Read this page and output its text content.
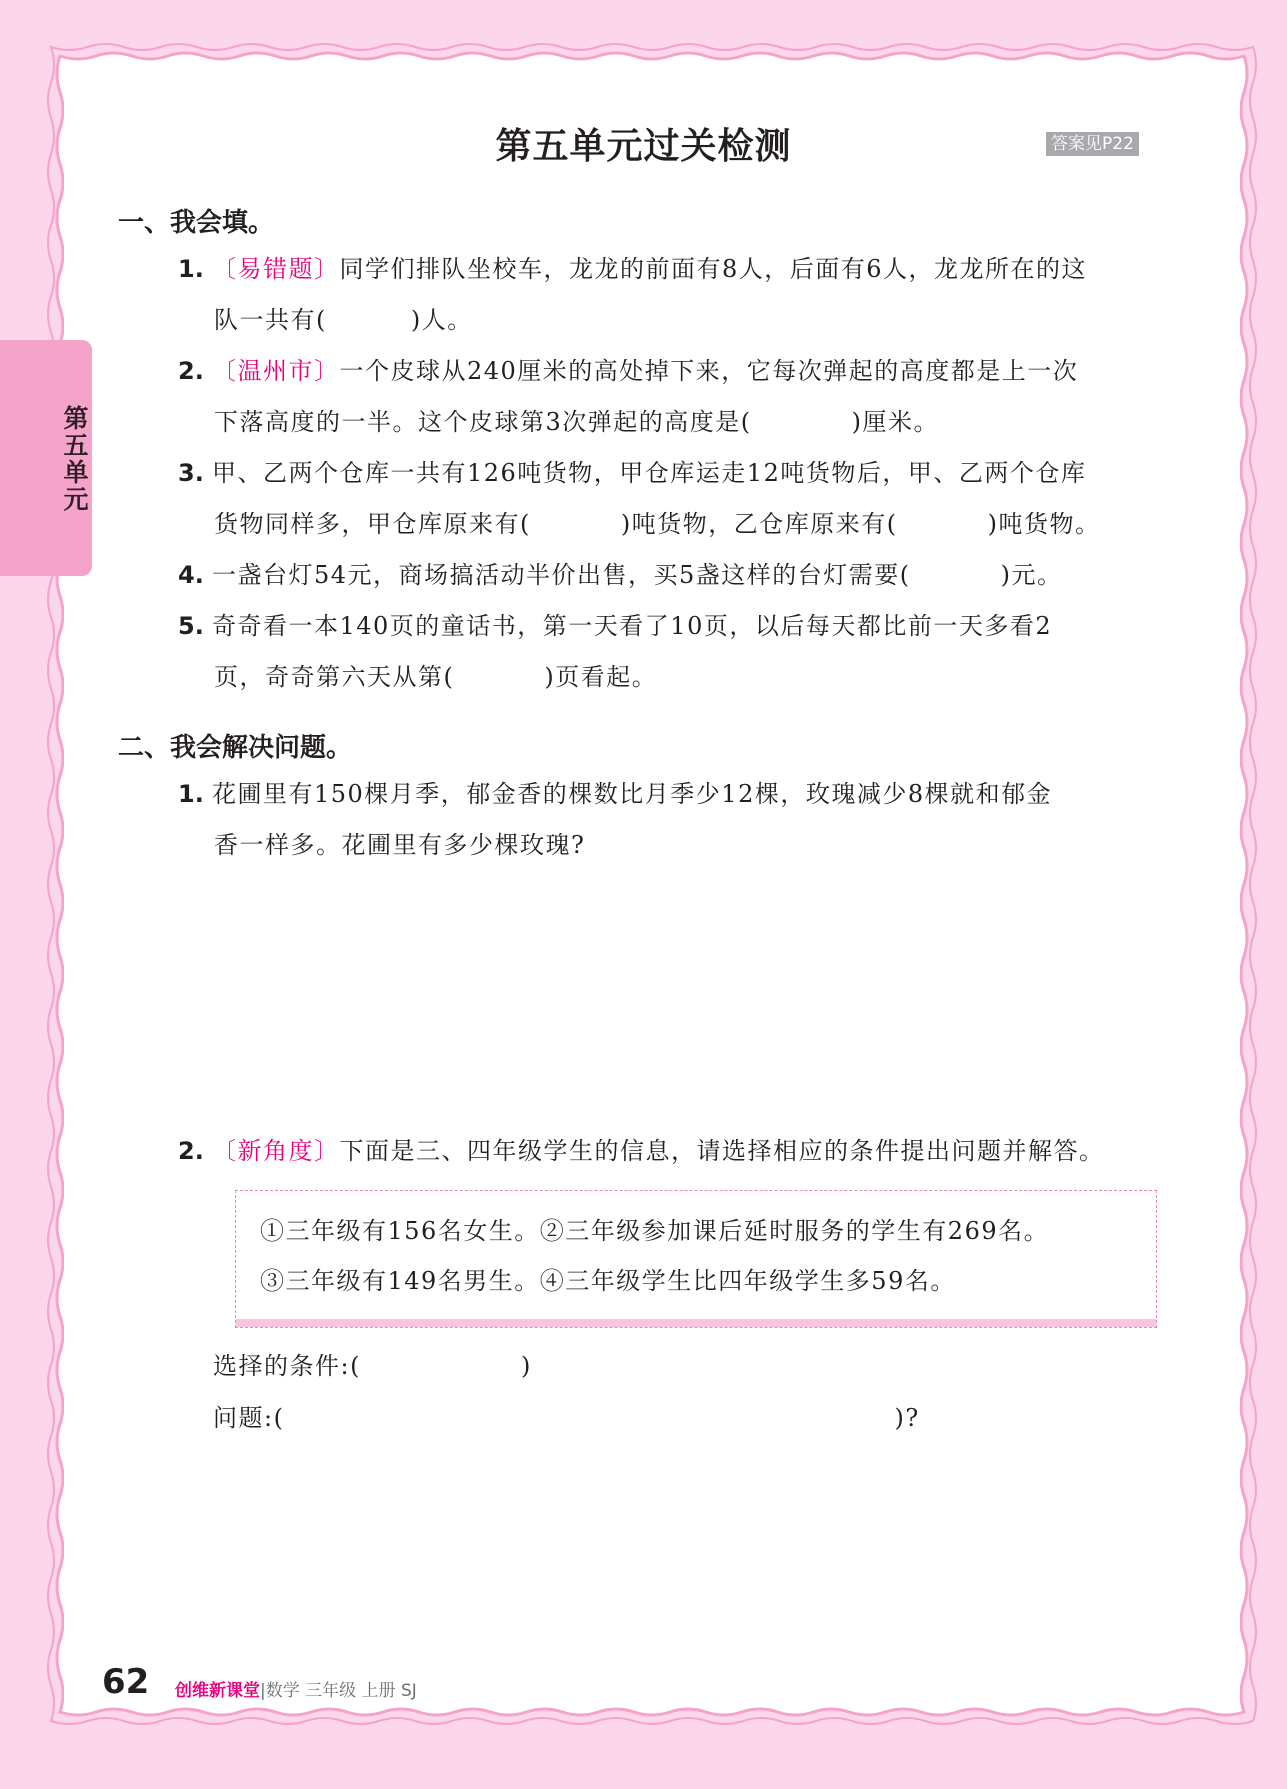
第五单元
第五单元过关检测	答案见P22
一、我会填。
1. 〔易错题〕同学们排队坐校车，龙龙的前面有8人，后面有6人，龙龙所在的这
队一共有(	)人。
2. 〔温州市〕一个皮球从240厘米的高处掉下来，它每次弹起的高度都是上一次
下落高度的一半。这个皮球第3次弹起的高度是(	)厘米。
3. 甲、乙两个仓库一共有126吨货物，甲仓库运走12吨货物后，甲、乙两个仓库
货物同样多，甲仓库原来有(	)吨货物，乙仓库原来有(	)吨货物。
4. 一盏台灯54元，商场搞活动半价出售，买5盏这样的台灯需要(	)元。
5. 奇奇看一本140页的童话书，第一天看了10页，以后每天都比前一天多看2
页，奇奇第六天从第(	)页看起。
二、我会解决问题。
1. 花圃里有150棵月季，郁金香的棵数比月季少12棵，玫瑰减少8棵就和郁金
香一样多。花圃里有多少棵玫瑰?
2. 〔新角度〕下面是三、四年级学生的信息，请选择相应的条件提出问题并解答。
①三年级有156名女生。②三年级参加课后延时服务的学生有269名。
③三年级有149名男生。④三年级学生比四年级学生多59名。
选择的条件:(	)
问题:(	)?
62 创维新课堂|数学 三年级 上册 SJ
